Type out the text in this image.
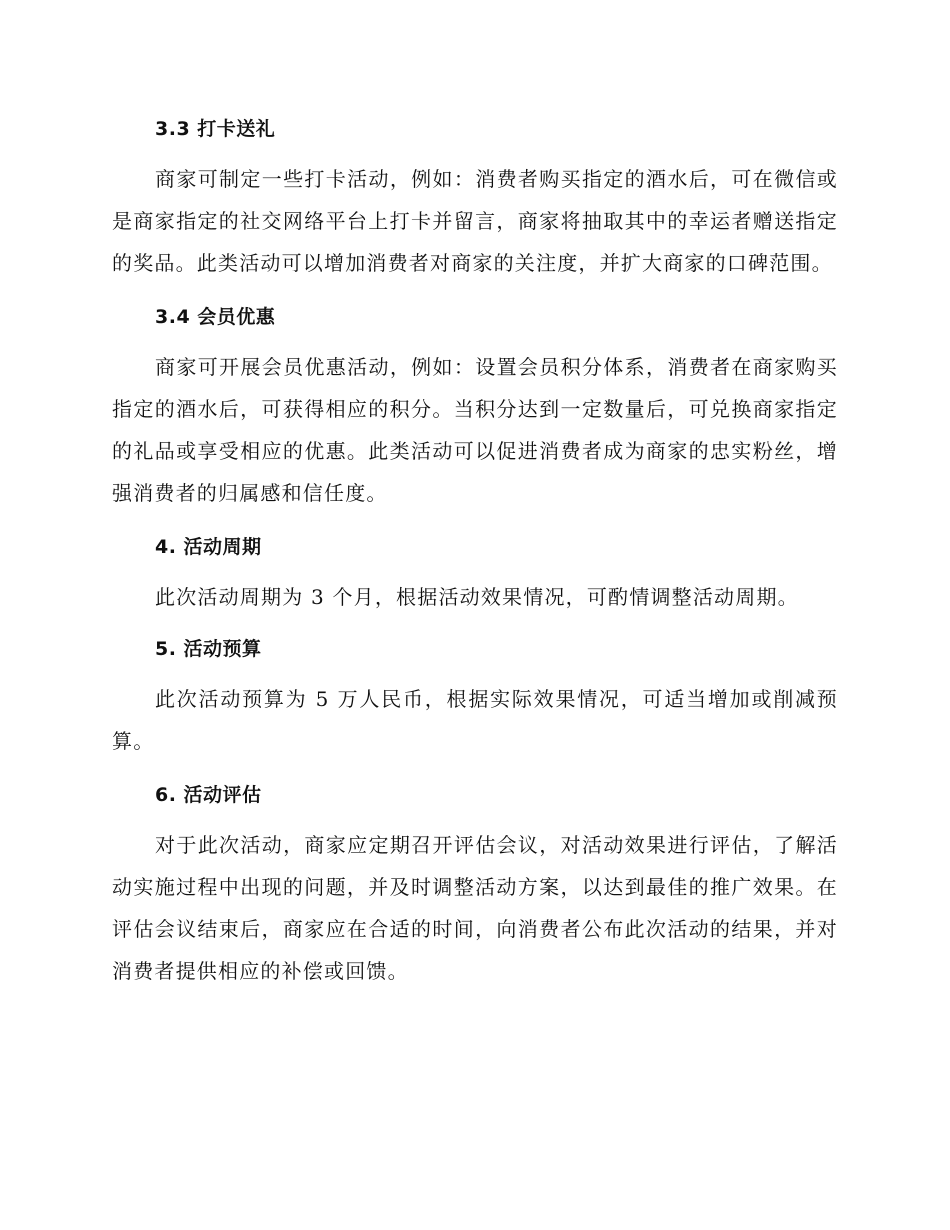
3.3 打卡送礼

商家可制定一些打卡活动，例如：消费者购买指定的酒水后，可在微信或是商家指定的社交网络平台上打卡并留言，商家将抽取其中的幸运者赠送指定的奖品。此类活动可以增加消费者对商家的关注度，并扩大商家的口碑范围。

3.4 会员优惠

商家可开展会员优惠活动，例如：设置会员积分体系，消费者在商家购买指定的酒水后，可获得相应的积分。当积分达到一定数量后，可兑换商家指定的礼品或享受相应的优惠。此类活动可以促进消费者成为商家的忠实粉丝，增强消费者的归属感和信任度。

4. 活动周期

此次活动周期为 3 个月，根据活动效果情况，可酌情调整活动周期。

5. 活动预算

此次活动预算为 5 万人民币，根据实际效果情况，可适当增加或削减预算。

6. 活动评估

对于此次活动，商家应定期召开评估会议，对活动效果进行评估，了解活动实施过程中出现的问题，并及时调整活动方案，以达到最佳的推广效果。在评估会议结束后，商家应在合适的时间，向消费者公布此次活动的结果，并对消费者提供相应的补偿或回馈。
